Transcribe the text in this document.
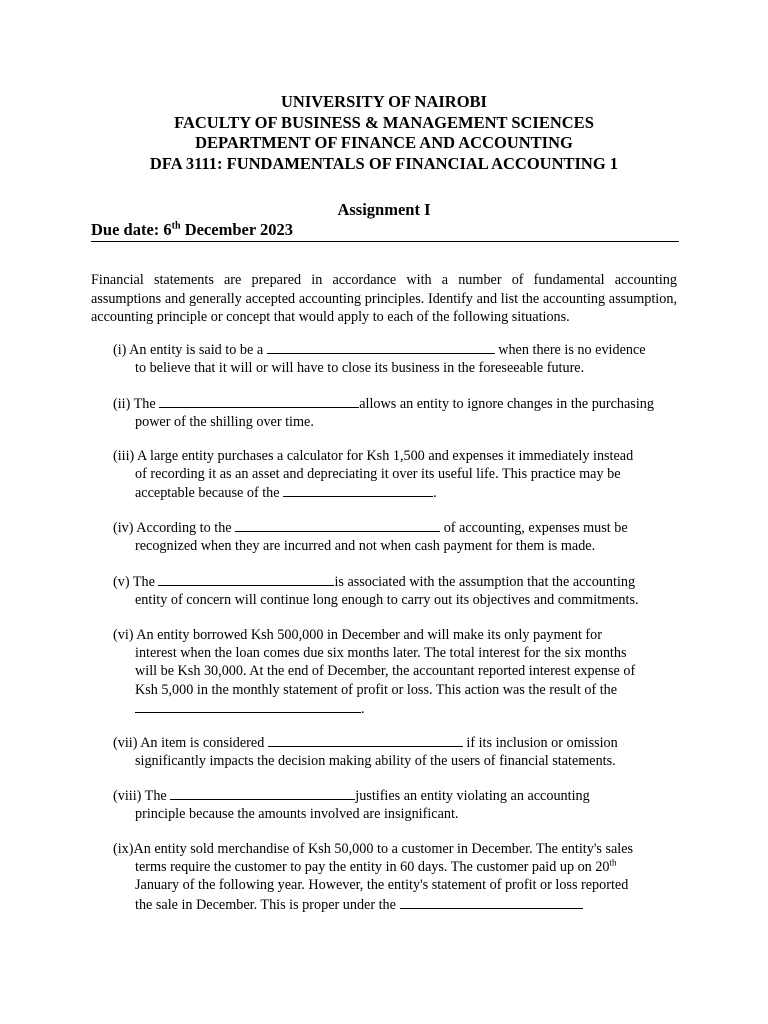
UNIVERSITY OF NAIROBI
FACULTY OF BUSINESS & MANAGEMENT SCIENCES
DEPARTMENT OF FINANCE AND ACCOUNTING
DFA 3111: FUNDAMENTALS OF FINANCIAL ACCOUNTING 1
Assignment I
Due date: 6th December 2023
Financial statements are prepared in accordance with a number of fundamental accounting assumptions and generally accepted accounting principles. Identify and list the accounting assumption, accounting principle or concept that would apply to each of the following situations.
(i) An entity is said to be a	when there is no evidence
to believe that it will or will have to close its business in the foreseeable future.
(ii) The	allows an entity to ignore changes in the purchasing
power of the shilling over time.
(iii) A large entity purchases a calculator for Ksh 1,500 and expenses it immediately instead
of recording it as an asset and depreciating it over its useful life. This practice may be
acceptable because of the	.
(iv) According to the	of accounting, expenses must be
recognized when they are incurred and not when cash payment for them is made.
(v) The	is associated with the assumption that the accounting
entity of concern will continue long enough to carry out its objectives and commitments.
(vi) An entity borrowed Ksh 500,000 in December and will make its only payment for
interest when the loan comes due six months later. The total interest for the six months
will be Ksh 30,000. At the end of December, the accountant reported interest expense of
Ksh 5,000 in the monthly statement of profit or loss. This action was the result of the
.
(vii) An item is considered	if its inclusion or omission
significantly impacts the decision making ability of the users of financial statements.
(viii) The	justifies an entity violating an accounting
principle because the amounts involved are insignificant.
(ix)An entity sold merchandise of Ksh 50,000 to a customer in December. The entity's sales
terms require the customer to pay the entity in 60 days. The customer paid up on 20th
January of the following year. However, the entity's statement of profit or loss reported
the sale in December. This is proper under the
